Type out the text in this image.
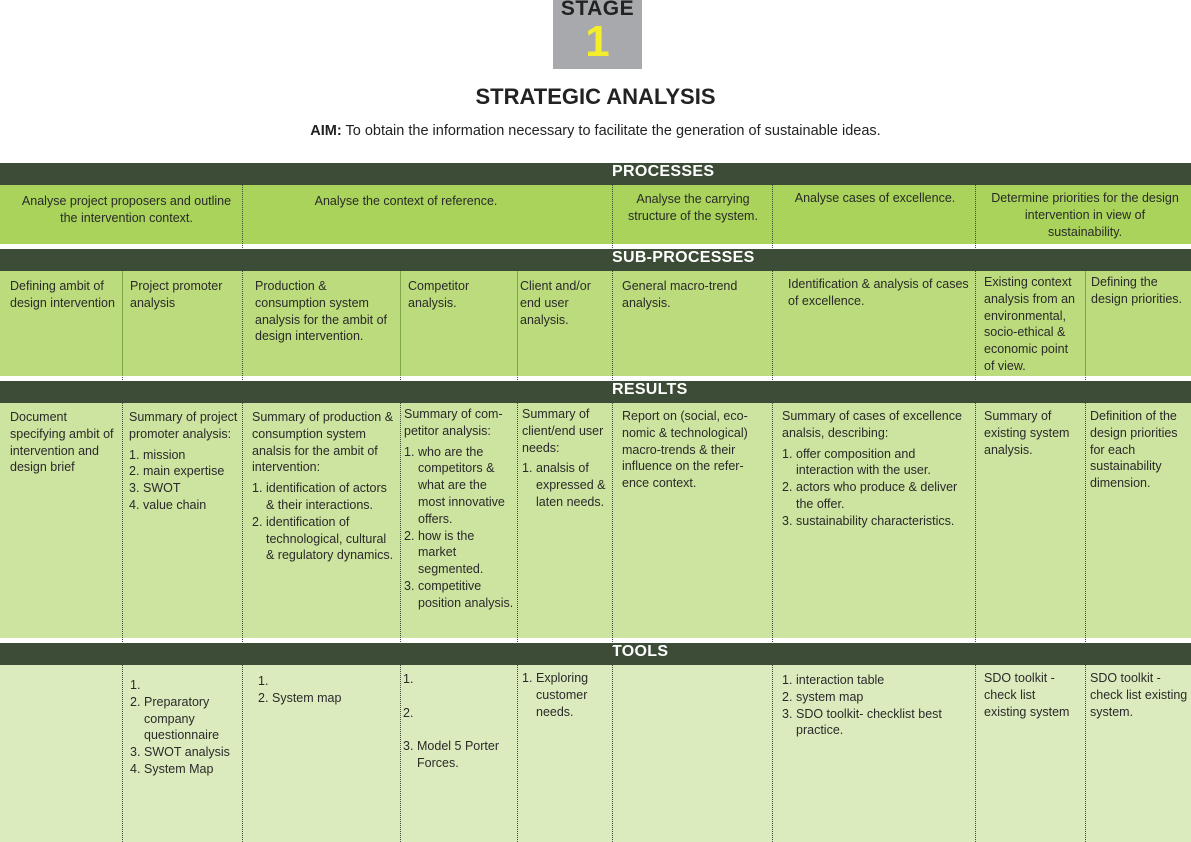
STAGE
1
STRATEGIC ANALYSIS
AIM: To obtain the information necessary to facilitate the generation of sustainable ideas.
PROCESSES
SUB-PROCESSES
RESULTS
TOOLS
Analyse project proposers and outline the intervention context.
Analyse the context of reference.	Analyse the carrying structure of the system.
Analyse cases of excellence.	Determine priorities for the design intervention in view of sustainability.
Defining ambit of design intervention
Project promoter analysis
Production & consumption system analysis for the ambit of design intervention.
Competitor analysis.
Client and/or end user analysis.
General macro-trend analysis.
Identification & analysis of cases of excellence.
Existing context analysis from an environmental, socio-ethical & economic point of view.
Defining the design priorities.
Document specifying ambit of intervention and design brief
Summary of project promoter analysis:
1. mission
2. main expertise
3. SWOT
4. value chain
Summary of production & consumption system analsis for the ambit of intervention:
1. identification of actors & their interactions.
2. identification of technological, cultural & regulatory dynamics.
Summary of com-petitor analysis:
1. who are the competitors & what are the most innovative offers.
2. how is the market segmented.
3. competitive position analysis.
Summary of client/end user needs:
1. analsis of expressed & laten needs.
Report on (social, eco-nomic & technological) macro-trends & their influence on the refer-ence context.
Summary of cases of excellence analsis, describing:
1. offer composition and interaction with the user.
2. actors who produce & deliver the offer.
3. sustainability characteristics.
Summary of existing system analysis.
Definition of the design priorities for each sustainability dimension.
1.
2. Preparatory company questionnaire
3. SWOT analysis
4. System Map
1.
2. System map
1.
2.
3. Model 5 Porter Forces.
1. Exploring customer needs.
1. interaction table
2. system map
3. SDO toolkit- checklist best practice.
SDO toolkit - check list existing system
SDO toolkit - check list existing system.
